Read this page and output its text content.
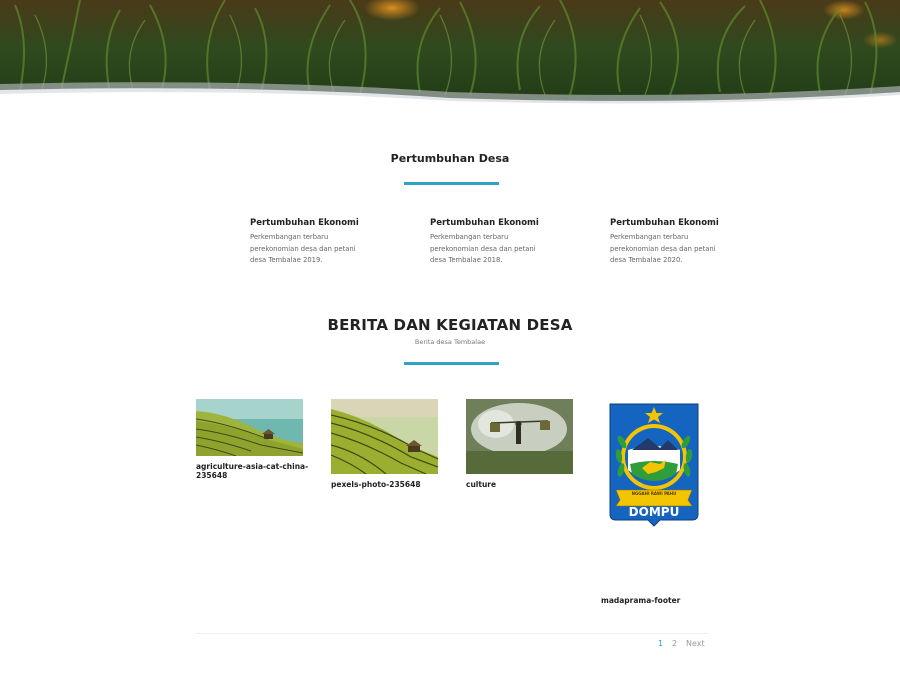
Pertumbuhan Desa
Pertumbuhan Ekonomi

Perkembangan terbaru perekonomian desa dan petani desa Tembalae 2019.

Pertumbuhan Ekonomi

Perkembangan terbaru perekonomian desa dan petani desa Tembalae 2018.

Pertumbuhan Ekonomi

Perkembangan terbaru perekonomian desa dan petani desa Tembalae 2020.

BERITA DAN KEGIATAN DESA
Berita desa Tembalae
agriculture-asia-cat-china-235648
pexels-photo-235648	culture
NGGAHI RAWI PAHU
DOMPU
madaprama-footer
1 2 Next
